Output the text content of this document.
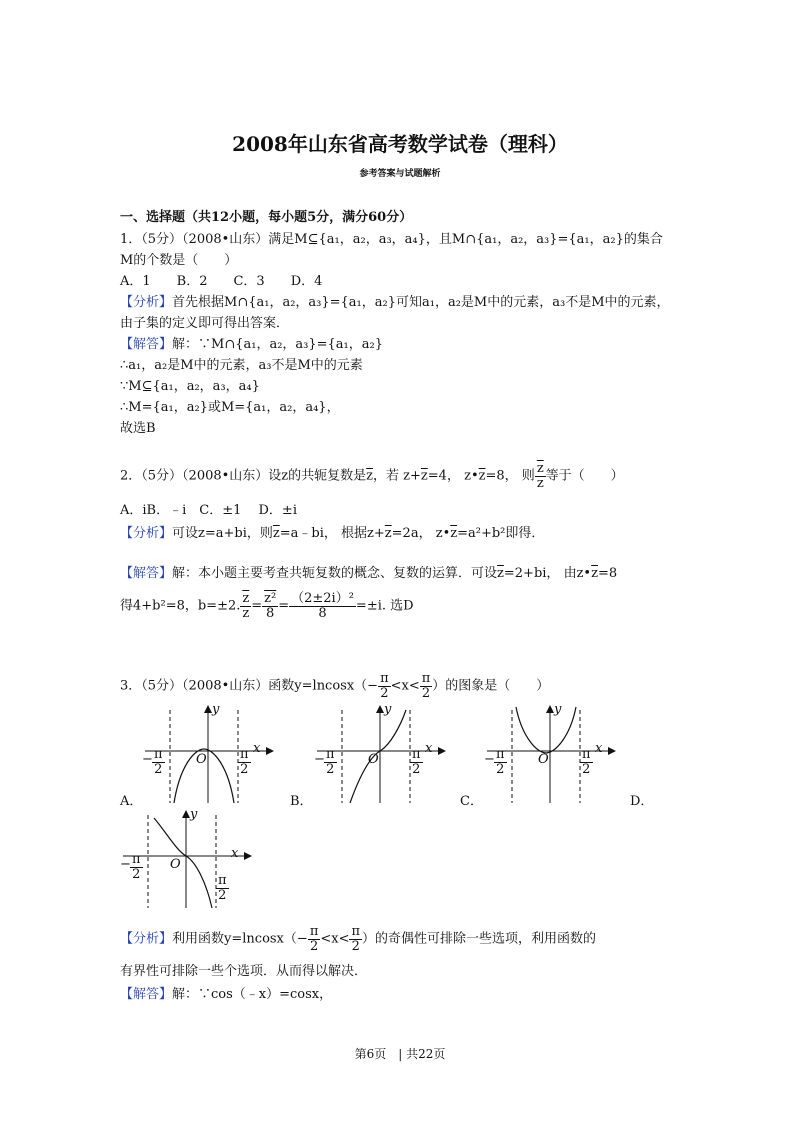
2008年山东省高考数学试卷（理科）
参考答案与试题解析
一、选择题（共12小题，每小题5分，满分60分）
1．（5分）（2008•山东）满足M⊆{a₁，a₂，a₃，a₄}，且M∩{a₁，a₂，a₃}={a₁，a₂}的集合
M的个数是（　　）
A．1　　B．2　　C．3　　D．4
【分析】首先根据M∩{a₁，a₂，a₃}={a₁，a₂}可知a₁，a₂是M中的元素，a₃不是M中的元素，
由子集的定义即可得出答案．
【解答】解：∵M∩{a₁，a₂，a₃}={a₁，a₂}
∴a₁，a₂是M中的元素，a₃不是M中的元素
∵M⊆{a₁，a₂，a₃，a₄}
∴M={a₁，a₂}或M={a₁，a₂，a₄}，
故选B
2．（5分）（2008•山东）设z的共轭复数是$\overline{z}$，若 $z+\overline{z}=4$， $z•\overline{z}=8$， 则 $\frac{\overline{z}}{z}$ 等于（　　）
A．iB．﹣i　C．±1　 D．±i
【分析】可设z=a+bi，则$\overline{z}=a﹣bi$， 根据$z+\overline{z}=2a$， $z•\overline{z}=a^2+b^2$即得．
【解答】解：本小题主要考查共轭复数的概念、复数的运算．可设$\overline{z}=2+bi$， 由$z•\overline{z}=8$
得4+b²=8，b=±2. $\frac{\overline{z}}{z} = \frac{\text{z²}}{8} = \frac{\text{（2±2i）²}}{8} =\pm i$. 选D
3．（5分）（2008•山东）函数$y=lncosx(- \frac{\pi}{2} <x< \frac{\pi}{2}$ ）的图象是（　　）
x
y
O
− $\frac{\pi}{2}$	$\frac{\pi}{2}$
A．
x
y
O
− $\frac{\pi}{2}$	$\frac{\pi}{2}$
B．
x
y
O
− $\frac{\pi}{2}$	$\frac{\pi}{2}$
C．	D．
x
y
O
− $\frac{\pi}{2}$
$\frac{\pi}{2}$
【分析】利用函数$y=lncosx(- \frac{\pi}{2} <x< \frac{\pi}{2}$ ）的奇偶性可排除一些选项，利用函数的
有界性可排除一些个选项．从而得以解决．
【解答】解：∵cos（﹣x）=cosx，
第6页　| 共22页
